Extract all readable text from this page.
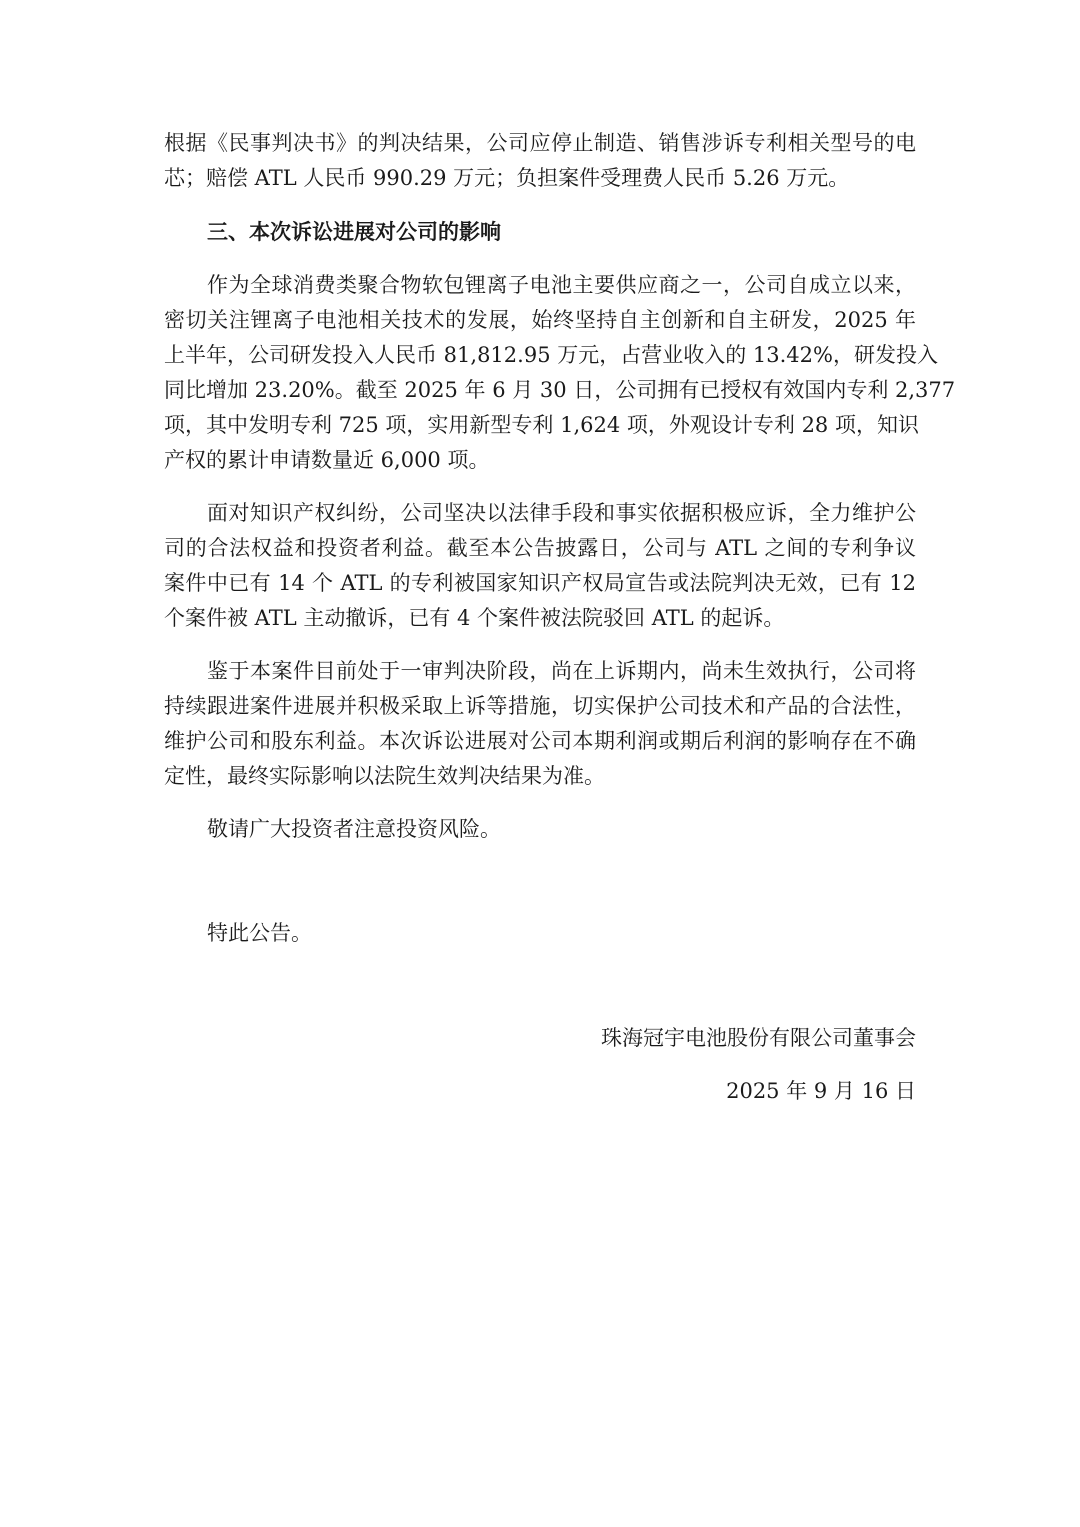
根据《民事判决书》的判决结果，公司应停止制造、销售涉诉专利相关型号的电
芯；赔偿 ATL 人民币 990.29 万元；负担案件受理费人民币 5.26 万元。
三、本次诉讼进展对公司的影响
作为全球消费类聚合物软包锂离子电池主要供应商之一，公司自成立以来，
密切关注锂离子电池相关技术的发展，始终坚持自主创新和自主研发，2025 年
上半年，公司研发投入人民币 81,812.95 万元，占营业收入的 13.42%，研发投入
同比增加 23.20%。截至 2025 年 6 月 30 日，公司拥有已授权有效国内专利 2,377
项，其中发明专利 725 项，实用新型专利 1,624 项，外观设计专利 28 项，知识
产权的累计申请数量近 6,000 项。
面对知识产权纠纷，公司坚决以法律手段和事实依据积极应诉，全力维护公
司的合法权益和投资者利益。截至本公告披露日，公司与 ATL 之间的专利争议
案件中已有 14 个 ATL 的专利被国家知识产权局宣告或法院判决无效，已有 12
个案件被 ATL 主动撤诉，已有 4 个案件被法院驳回 ATL 的起诉。
鉴于本案件目前处于一审判决阶段，尚在上诉期内，尚未生效执行，公司将
持续跟进案件进展并积极采取上诉等措施，切实保护公司技术和产品的合法性，
维护公司和股东利益。本次诉讼进展对公司本期利润或期后利润的影响存在不确
定性，最终实际影响以法院生效判决结果为准。
敬请广大投资者注意投资风险。
特此公告。
珠海冠宇电池股份有限公司董事会
2025 年 9 月 16 日
